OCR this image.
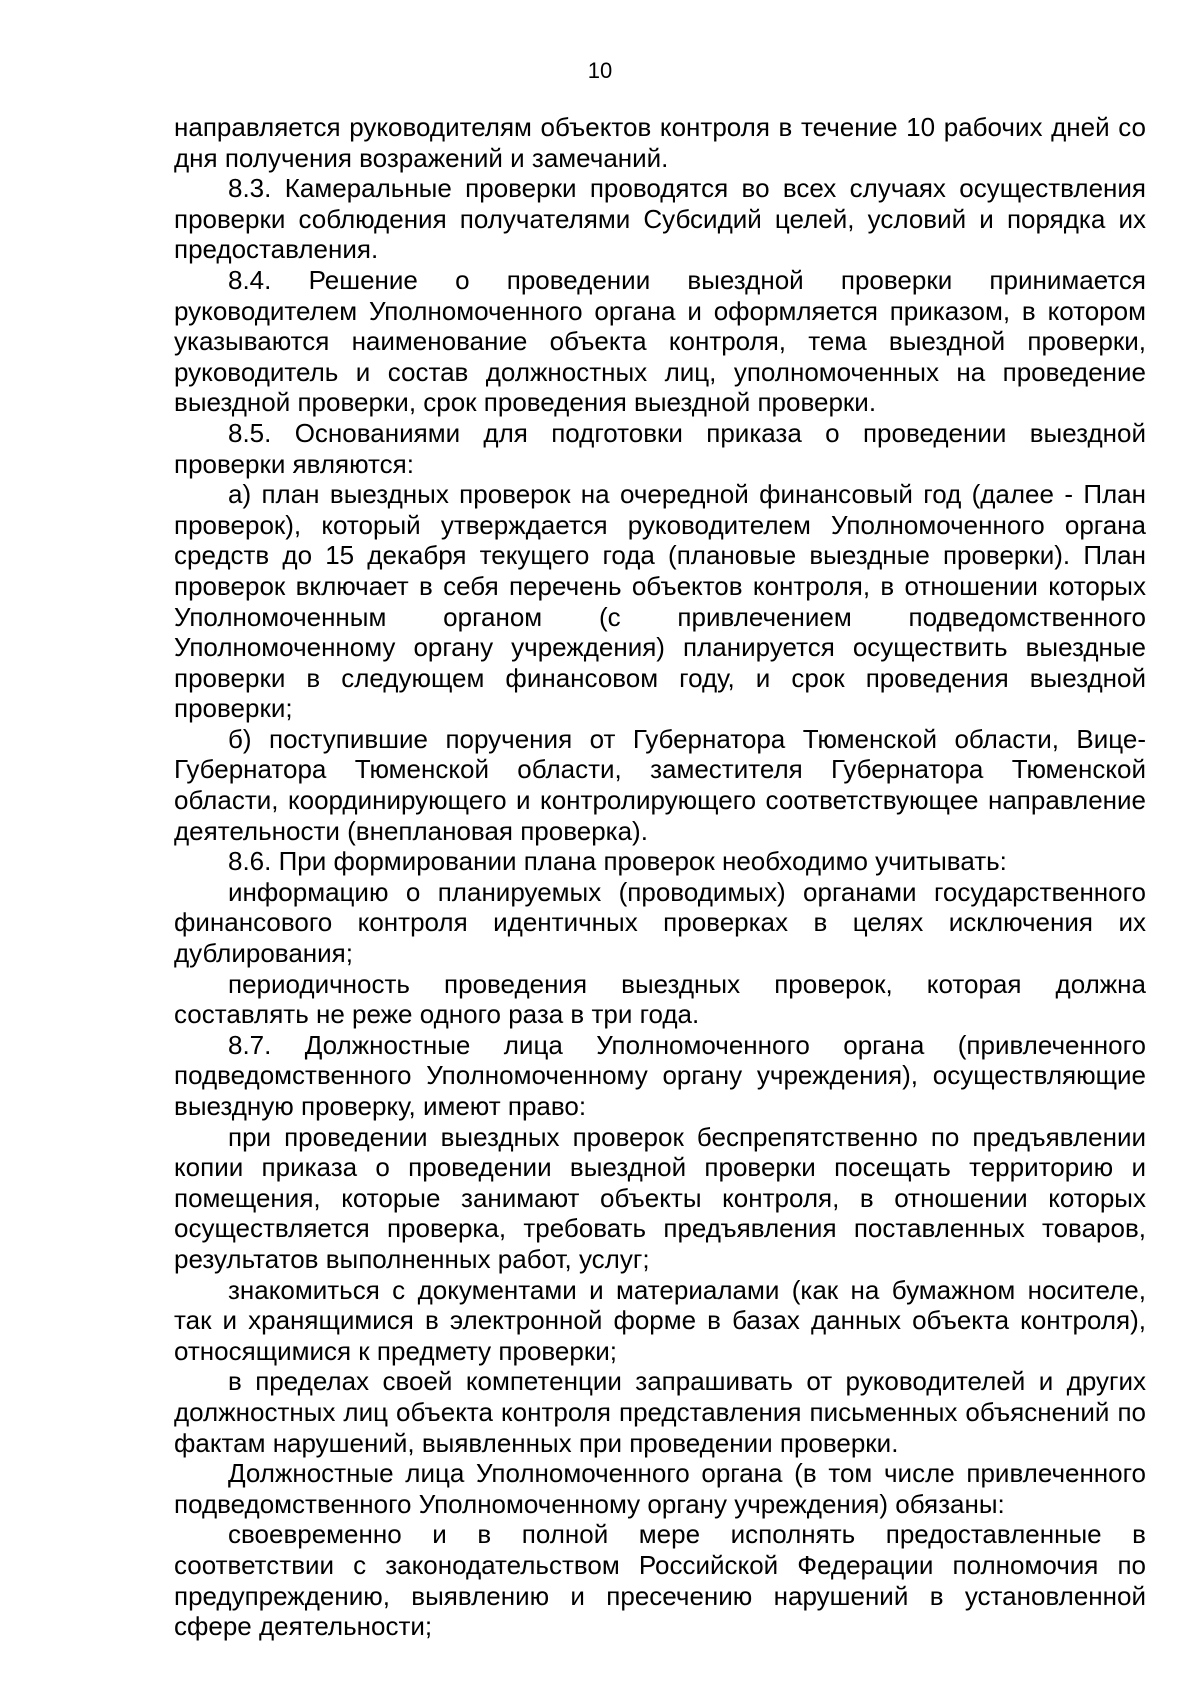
10

направляется руководителям объектов контроля в течение 10 рабочих дней со дня получения возражений и замечаний.

8.3. Камеральные проверки проводятся во всех случаях осуществления проверки соблюдения получателями Субсидий целей, условий и порядка их предоставления.

8.4. Решение о проведении выездной проверки принимается руководителем Уполномоченного органа и оформляется приказом, в котором указываются наименование объекта контроля, тема выездной проверки, руководитель и состав должностных лиц, уполномоченных на проведение выездной проверки, срок проведения выездной проверки.

8.5. Основаниями для подготовки приказа о проведении выездной проверки являются:

а) план выездных проверок на очередной финансовый год (далее - План проверок), который утверждается руководителем Уполномоченного органа средств до 15 декабря текущего года (плановые выездные проверки). План проверок включает в себя перечень объектов контроля, в отношении которых Уполномоченным органом (с привлечением подведомственного Уполномоченному органу учреждения) планируется осуществить выездные проверки в следующем финансовом году, и срок проведения выездной проверки;

б) поступившие поручения от Губернатора Тюменской области, Вице-Губернатора Тюменской области, заместителя Губернатора Тюменской области, координирующего и контролирующего соответствующее направление деятельности (внеплановая проверка).

8.6. При формировании плана проверок необходимо учитывать:

информацию о планируемых (проводимых) органами государственного финансового контроля идентичных проверках в целях исключения их дублирования;

периодичность проведения выездных проверок, которая должна составлять не реже одного раза в три года.

8.7. Должностные лица Уполномоченного органа (привлеченного подведомственного Уполномоченному органу учреждения), осуществляющие выездную проверку, имеют право:

при проведении выездных проверок беспрепятственно по предъявлении копии приказа о проведении выездной проверки посещать территорию и помещения, которые занимают объекты контроля, в отношении которых осуществляется проверка, требовать предъявления поставленных товаров, результатов выполненных работ, услуг;

знакомиться с документами и материалами (как на бумажном носителе, так и хранящимися в электронной форме в базах данных объекта контроля), относящимися к предмету проверки;

в пределах своей компетенции запрашивать от руководителей и других должностных лиц объекта контроля представления письменных объяснений по фактам нарушений, выявленных при проведении проверки.

Должностные лица Уполномоченного органа (в том числе привлеченного подведомственного Уполномоченному органу учреждения) обязаны:

своевременно и в полной мере исполнять предоставленные в соответствии с законодательством Российской Федерации полномочия по предупреждению, выявлению и пресечению нарушений в установленной сфере деятельности;
